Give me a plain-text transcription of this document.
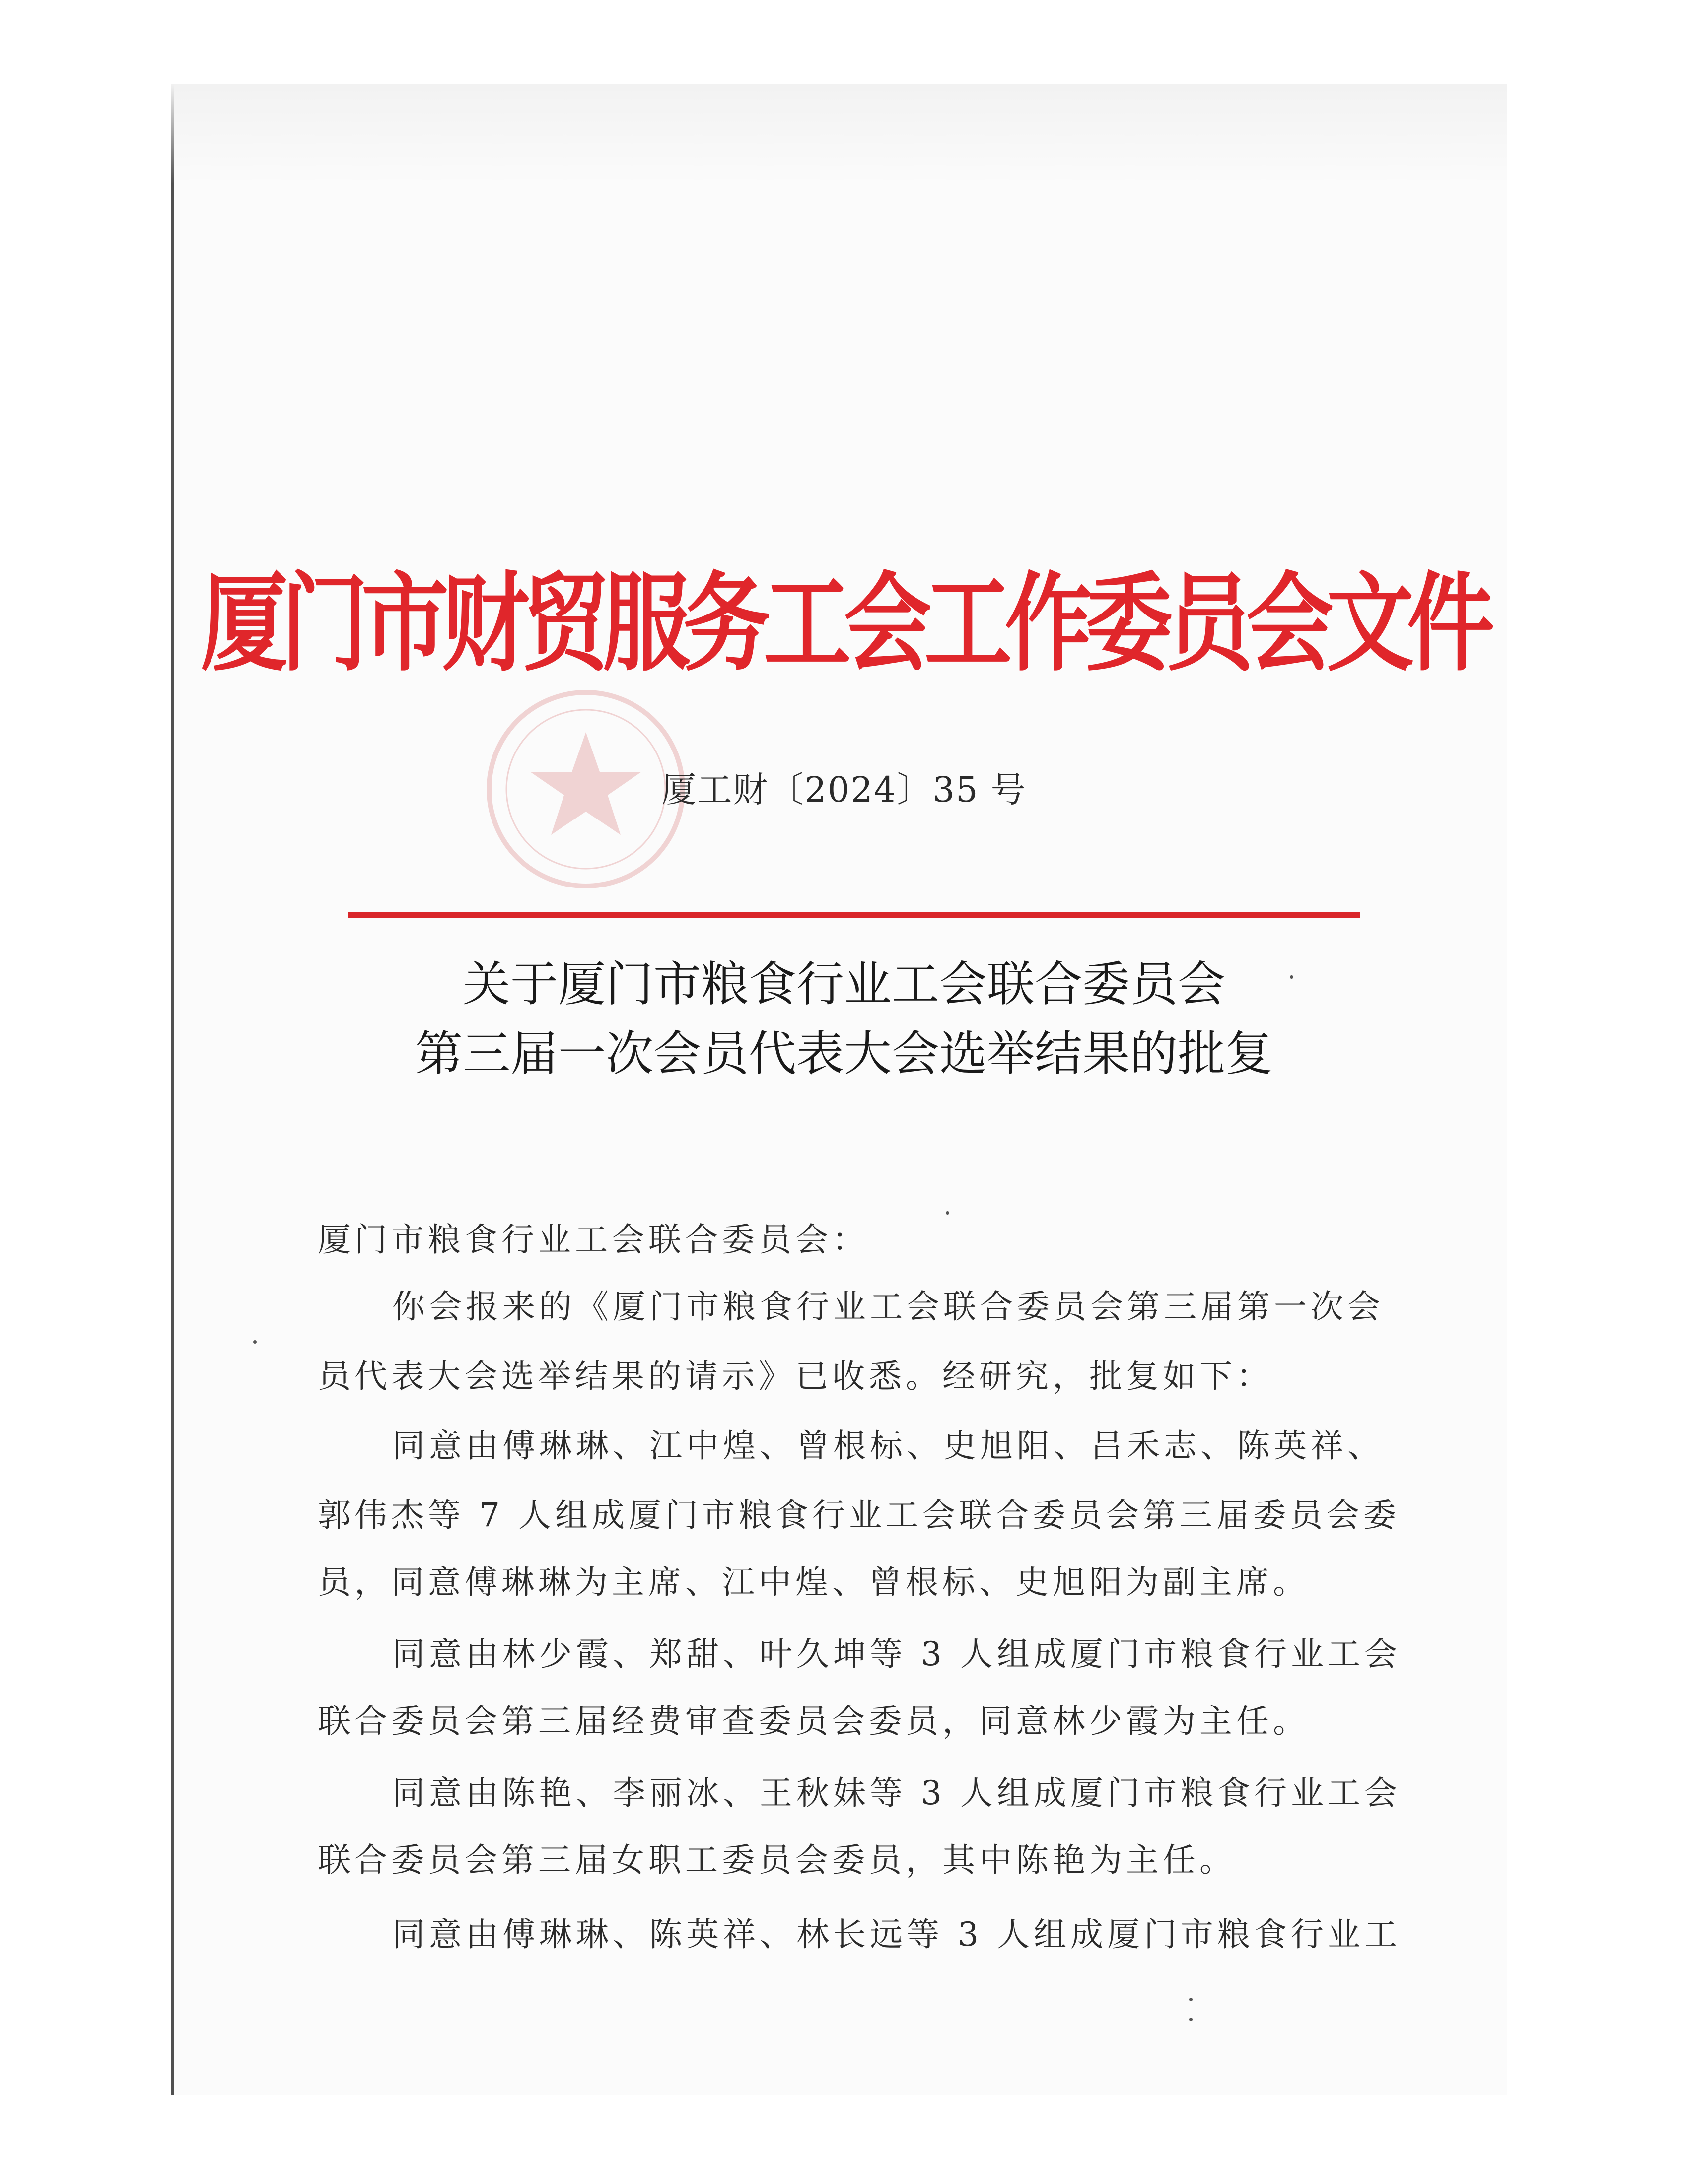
厦门市财贸服务工会工作委员会文件
厦工财〔2024〕35 号
关于厦门市粮食行业工会联合委员会
第三届一次会员代表大会选举结果的批复
厦门市粮食行业工会联合委员会：
你会报来的《厦门市粮食行业工会联合委员会第三届第一次会
员代表大会选举结果的请示》已收悉。经研究，批复如下：
同意由傅琳琳、江中煌、曾根标、史旭阳、吕禾志、陈英祥、
郭伟杰等 7 人组成厦门市粮食行业工会联合委员会第三届委员会委
员，同意傅琳琳为主席、江中煌、曾根标、史旭阳为副主席。
同意由林少霞、郑甜、叶久坤等 3 人组成厦门市粮食行业工会
联合委员会第三届经费审查委员会委员，同意林少霞为主任。
同意由陈艳、李丽冰、王秋妹等 3 人组成厦门市粮食行业工会
联合委员会第三届女职工委员会委员，其中陈艳为主任。
同意由傅琳琳、陈英祥、林长远等 3 人组成厦门市粮食行业工
